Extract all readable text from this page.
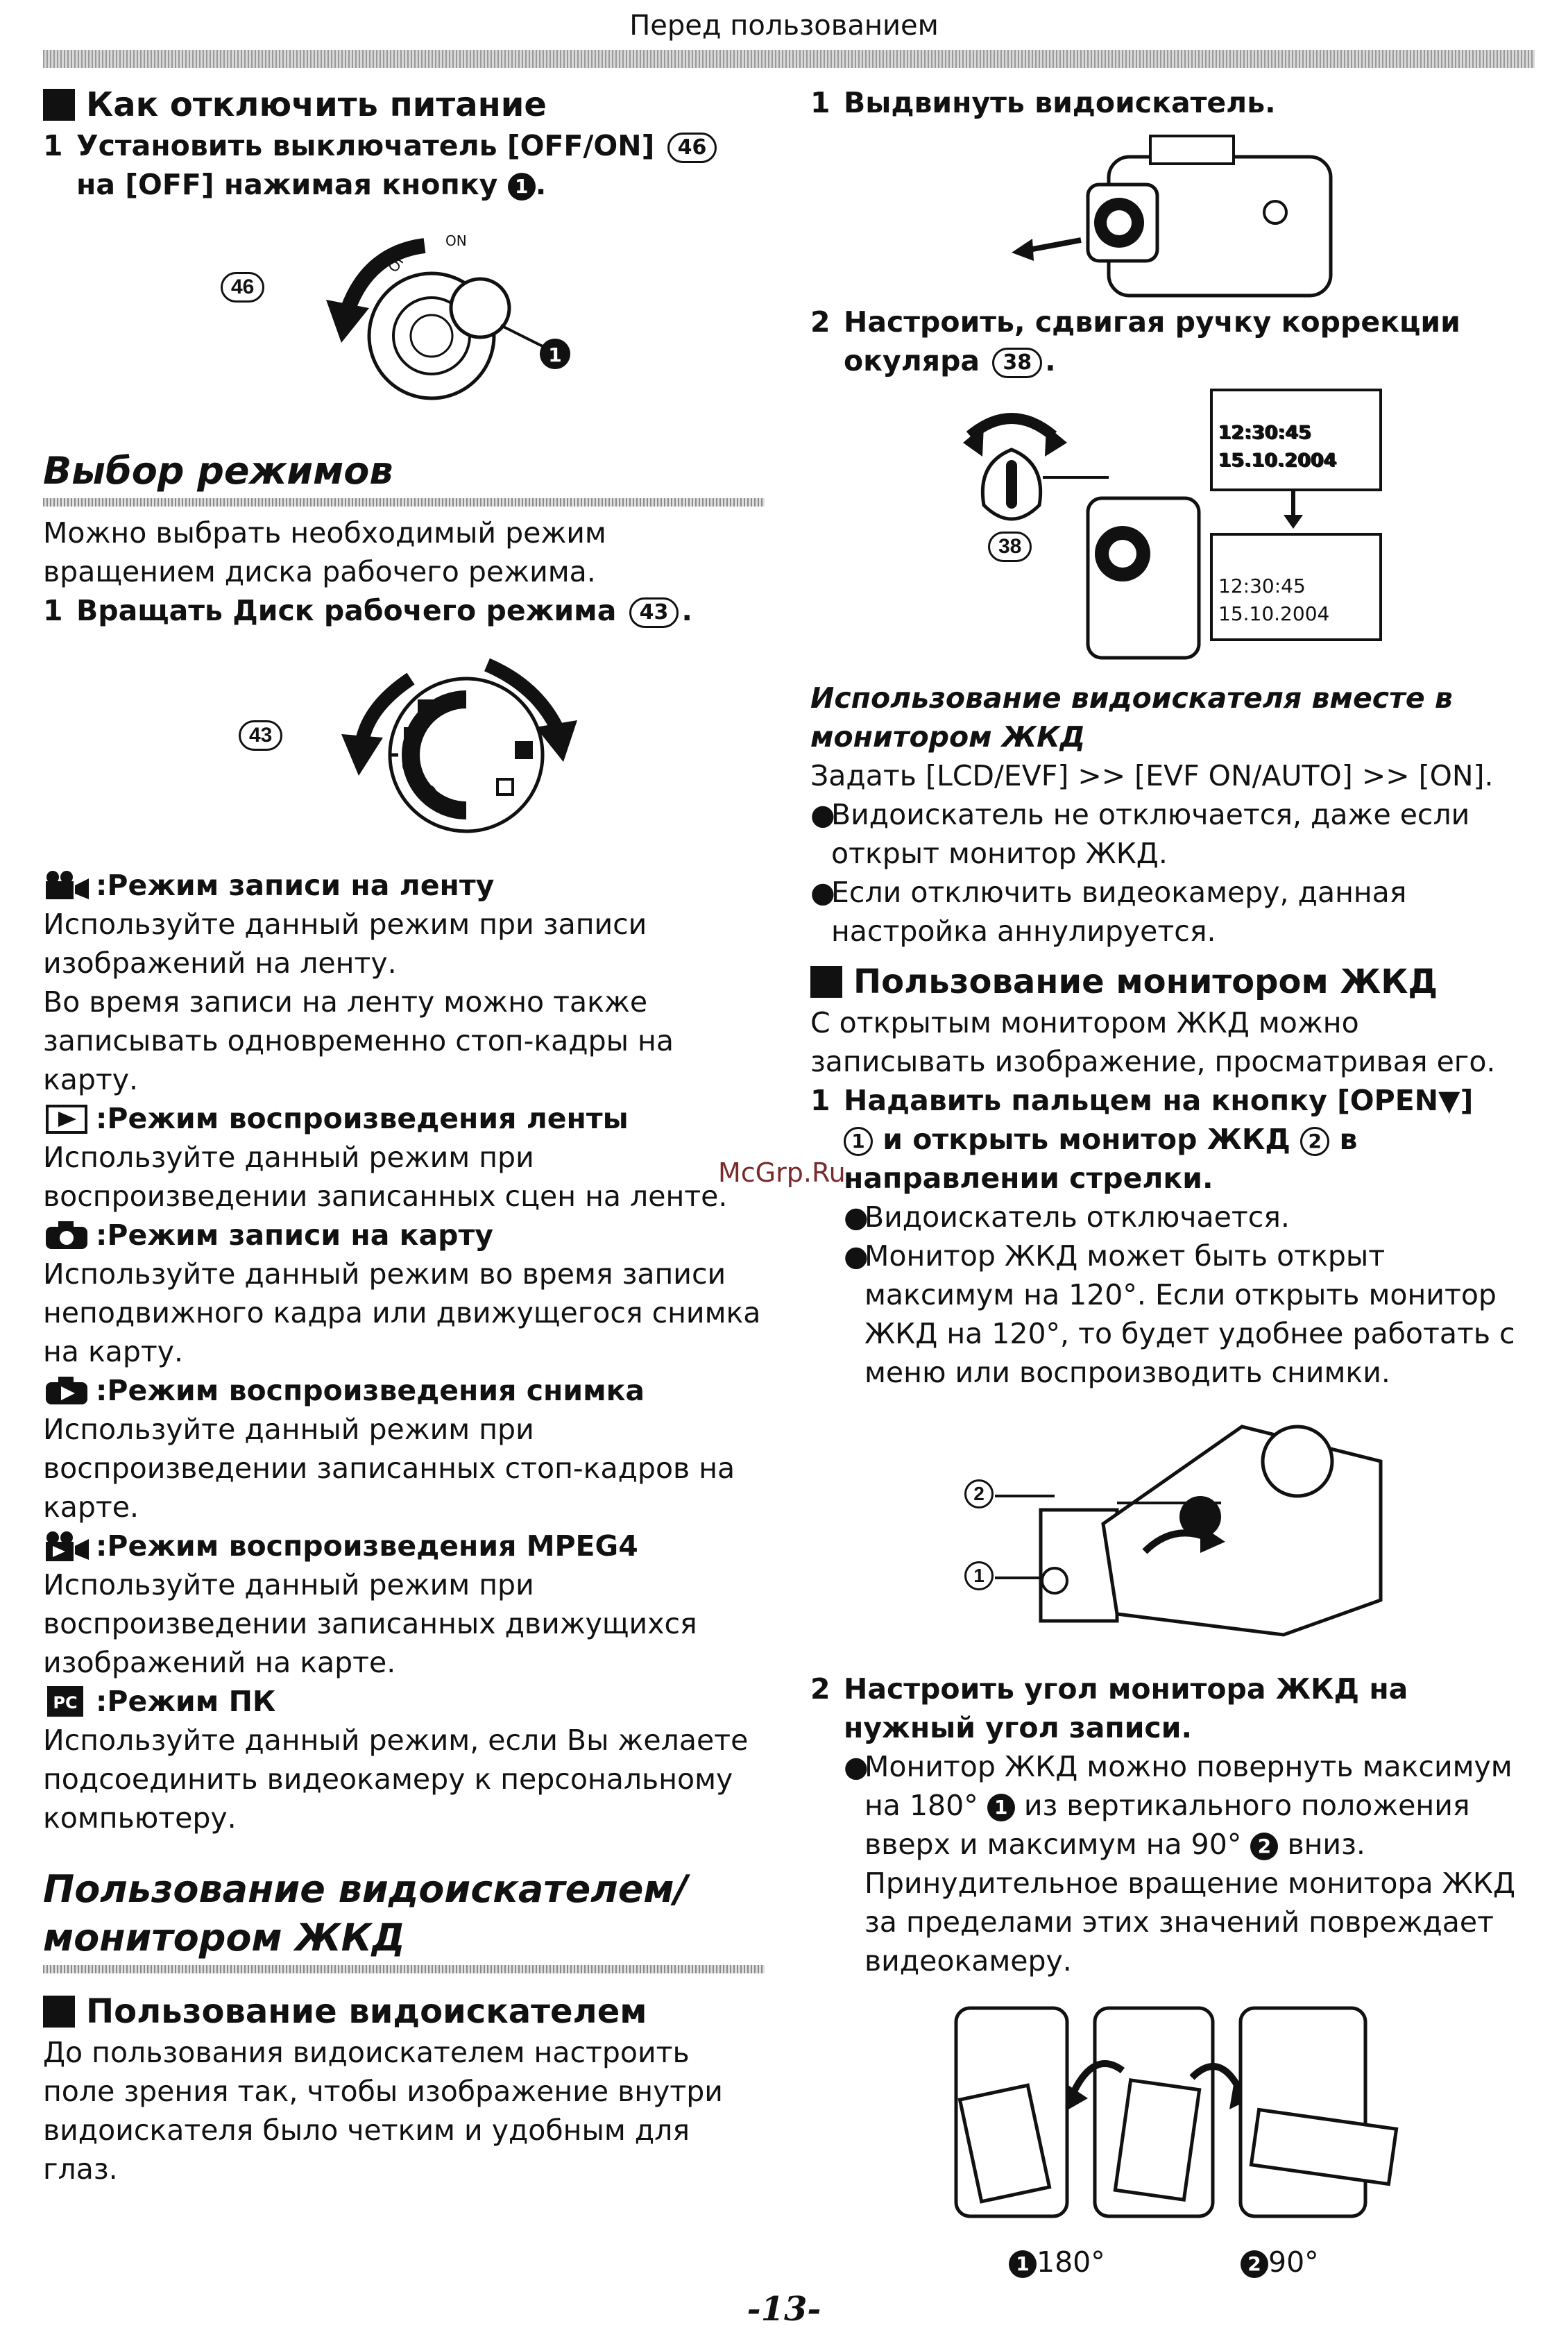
Перед пользованием
Как отключить питание
1 Установить выключатель [OFF/ON] 46
на [OFF] нажимая кнопку 1 .
46
1
OFF
ON
Выбор режимов
Можно выбрать необходимый режим вращением диска рабочего режима.
1 Вращать Диск рабочего режима 43 .
43
:Режим записи на ленту
Используйте данный режим при записи изображений на ленту.
Во время записи на ленту можно также записывать одновременно стоп-кадры на карту.
:Режим воспроизведения ленты
Используйте данный режим при воспроизведении записанных сцен на ленте.
:Режим записи на карту
Используйте данный режим во время записи неподвижного кадра или движущегося снимка на карту.
:Режим воспроизведения снимка
Используйте данный режим при воспроизведении записанных стоп-кадров на карте.
:Режим воспроизведения MPEG4
Используйте данный режим при воспроизведении записанных движущихся изображений на карте.
PC :Режим ПК
Используйте данный режим, если Вы желаете подсоединить видеокамеру к персональному компьютеру.
Пользование видоискателем/монитором ЖКД
Пользование видоискателем
До пользования видоискателем настроить поле зрения так, чтобы изображение внутри видоискателя было четким и удобным для глаз.
1 Выдвинуть видоискатель.
2 Настроить, сдвигая ручку коррекции окуляра 38 .
38
12:30:45
15.10.2004
12:30:45
15.10.2004
Использование видоискателя вместе в монитором ЖКД
Задать [LCD/EVF] >> [EVF ON/AUTO] >> [ON].
●
Видоискатель не отключается, даже если открыт монитор ЖКД.
●
Если отключить видеокамеру, данная настройка аннулируется.
Пользование монитором ЖКД
С открытым монитором ЖКД можно записывать изображение, просматривая его.
1 Надавить пальцем на кнопку [OPEN▼]
1 и открыть монитор ЖКД 2 в направлении стрелки.
●
Видоискатель отключается.
●
Монитор ЖКД может быть открыт максимум на 120°. Если открыть монитор ЖКД на 120°, то будет удобнее работать с меню или воспроизводить снимки.
2
1
2 Настроить угол монитора ЖКД на нужный угол записи.
●
Монитор ЖКД можно повернуть максимум на 180° 1 из вертикального положения вверх и максимум на 90° 2 вниз. Принудительное вращение монитора ЖКД за пределами этих значений повреждает видеокамеру.
1 180°	2 90°
McGrp.Ru
-13-
